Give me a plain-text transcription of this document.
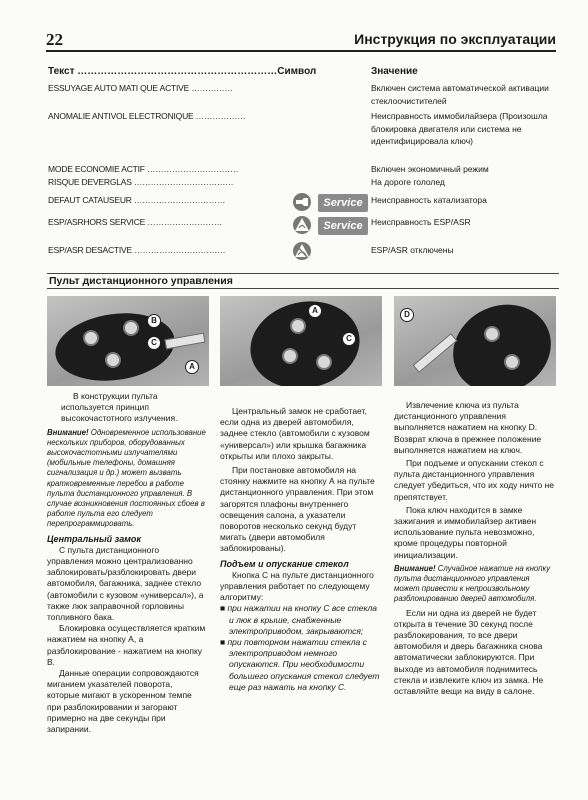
22	Инструкция по эксплуатации
Текст ……………………………………………………Символ	Значение
ESSUYAGE AUTO MATI QUE ACTIVE ……………	Включен система автоматической активации стеклоочистителей
ANOMALIE ANTIVOL ELECTRONIQUE ………………	Неисправность иммобилайзера (Произошла блокировка двигателя или система не идентифицировала ключ)
MODE ECONOMIE ACTIF ……………………………	Включен экономичный режим
RISQUE DEVERGLAS ………………………………	На дороге гололед
DEFAUT CATAUSEUR ……………………………	Неисправность катализатора
ESP/ASRHORS SERVICE ………………………	Неисправность ESP/ASR
ESP/ASR DESACTIVE ……………………………	ESP/ASR отключены
Service
Service
Пульт дистанционного управления
B
C
A
A
C
D

В конструкции пульта используется принцип высокочастотного излучения.

Внимание! Одновременное использование нескольких приборов, оборудованных высокочастотными излучателями (мобильные телефоны, домашняя сигнализация и др.) может вызвать кратковременные перебои в работе пульта дистанционного управления. В случае возникновения постоянных сбоев в работе пульта его следует перепрограммировать.

Центральный замок

С пульта дистанционного управления можно централизованно заблокировать/разблокировать двери автомобиля, багажника, заднее стекло (автомобили с кузовом «универсал»), а также люк заправочной горловины топливного бака.

Блокировка осуществляется кратким нажатием на кнопку А, а разблокирование - нажатием на кнопку В.

Данные операции сопровождаются миганием указателей поворота, которые мигают в ускоренном темпе при разблокировании и загорают примерно на две секунды при запирании.

Центральный замок не сработает, если одна из дверей автомобиля, заднее стекло (автомобили с кузовом «универсал») или крышка багажника открыты или плохо закрыты.

При постановке автомобиля на стоянку нажмите на кнопку А на пульте дистанционного управления. При этом загорятся плафоны внутреннего освещения салона, а указатели поворотов несколько секунд будут мигать (двери автомобиля заблокированы).

Подъем и опускание стекол

Кнопка С на пульте дистанционного управления работает по следующему алгоритму:

■ при нажатии на кнопку С все стекла и люк в крыше, снабженные электроприводом, закрываются;

■ при повторном нажатии стекла с электроприводом немного опускаются. При необходимости большего опускания стекол следует еще раз нажать на кнопку С.

Извлечение ключа из пульта дистанционного управления выполняется нажатием на кнопку D. Возврат ключа в прежнее положение выполняется нажатием на ключ.

При подъеме и опускании стекол с пульта дистанционного управления следует убедиться, что их ходу ничто не препятствует.

Пока ключ находится в замке зажигания и иммобилайзер активен использование пульта невозможно, кроме процедуры повторной инициализации.

Внимание! Случайное нажатие на кнопку пульта дистанционного управления может привести к непроизвольному разблокированию дверей автомобиля.

Если ни одна из дверей не будет открыта в течение 30 секунд после разблокирования, то все двери автомобиля и дверь багажника снова автоматически заблокируются. При выходе из автомобиля поднимитесь стекла и извлеките ключ из замка. Не оставляйте вещи на виду в салоне.
